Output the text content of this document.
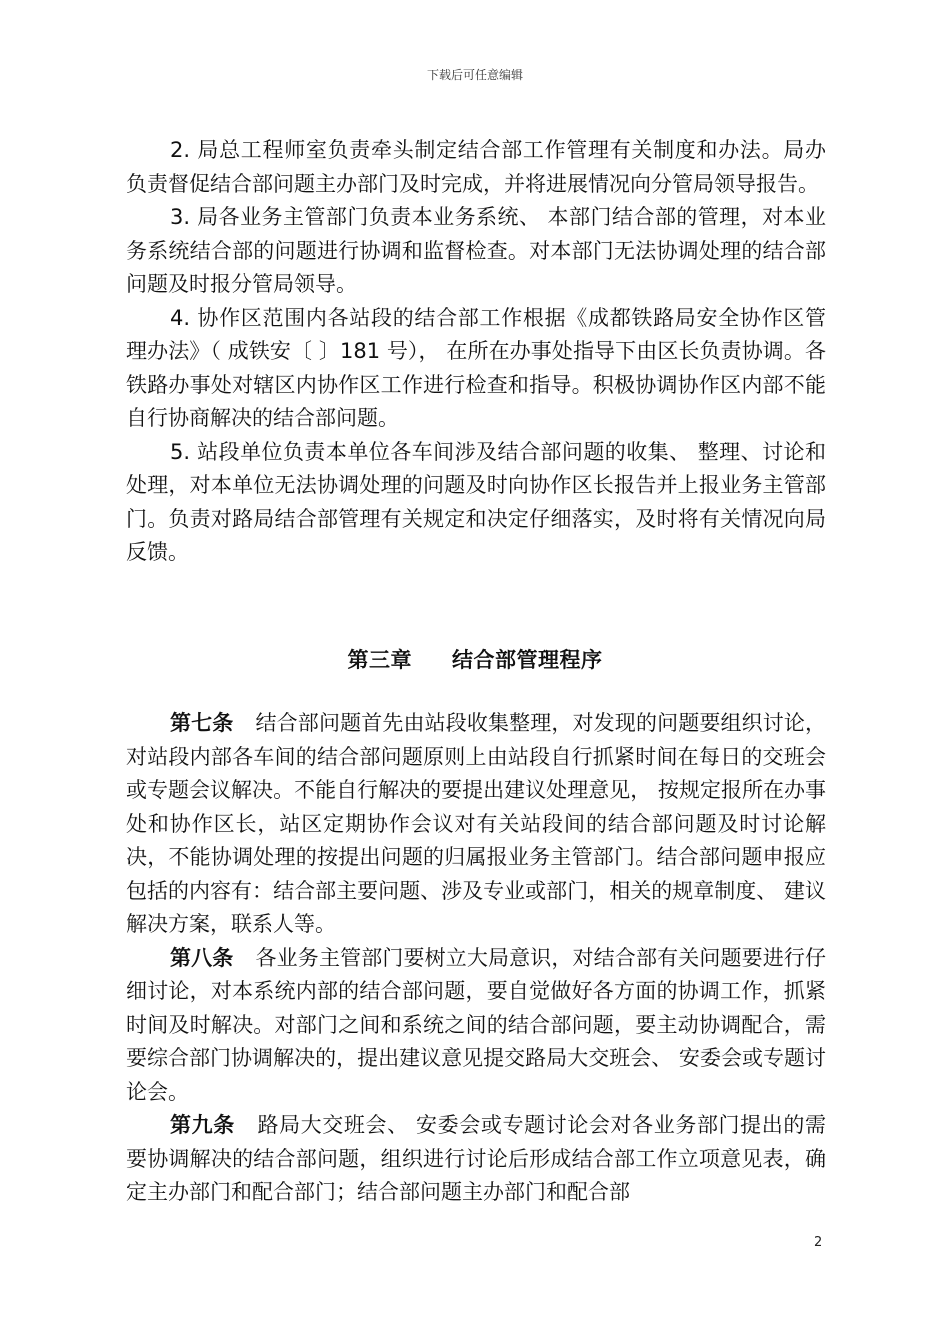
下载后可任意编辑

2. 局总工程师室负责牵头制定结合部工作管理有关制度和办法。局办负责督促结合部问题主办部门及时完成，并将进展情况向分管局领导报告。

3. 局各业务主管部门负责本业务系统、 本部门结合部的管理，对本业务系统结合部的问题进行协调和监督检查。对本部门无法协调处理的结合部问题及时报分管局领导。

4. 协作区范围内各站段的结合部工作根据《成都铁路局安全协作区管理办法》（ 成铁安〔 〕181 号）， 在所在办事处指导下由区长负责协调。各铁路办事处对辖区内协作区工作进行检查和指导。积极协调协作区内部不能自行协商解决的结合部问题。

5. 站段单位负责本单位各车间涉及结合部问题的收集、 整理、讨论和处理，对本单位无法协调处理的问题及时向协作区长报告并上报业务主管部门。负责对路局结合部管理有关规定和决定仔细落实，及时将有关情况向局反馈。

第三章 结合部管理程序

第七条 结合部问题首先由站段收集整理，对发现的问题要组织讨论，对站段内部各车间的结合部问题原则上由站段自行抓紧时间在每日的交班会或专题会议解决。不能自行解决的要提出建议处理意见， 按规定报所在办事处和协作区长，站区定期协作会议对有关站段间的结合部问题及时讨论解决，不能协调处理的按提出问题的归属报业务主管部门。结合部问题申报应包括的内容有：结合部主要问题、涉及专业或部门，相关的规章制度、 建议解决方案，联系人等。

第八条 各业务主管部门要树立大局意识，对结合部有关问题要进行仔细讨论，对本系统内部的结合部问题，要自觉做好各方面的协调工作，抓紧时间及时解决。对部门之间和系统之间的结合部问题，要主动协调配合，需要综合部门协调解决的，提出建议意见提交路局大交班会、 安委会或专题讨论会。

第九条 路局大交班会、 安委会或专题讨论会对各业务部门提出的需要协调解决的结合部问题，组织进行讨论后形成结合部工作立项意见表，确定主办部门和配合部门；结合部问题主办部门和配合部

2
